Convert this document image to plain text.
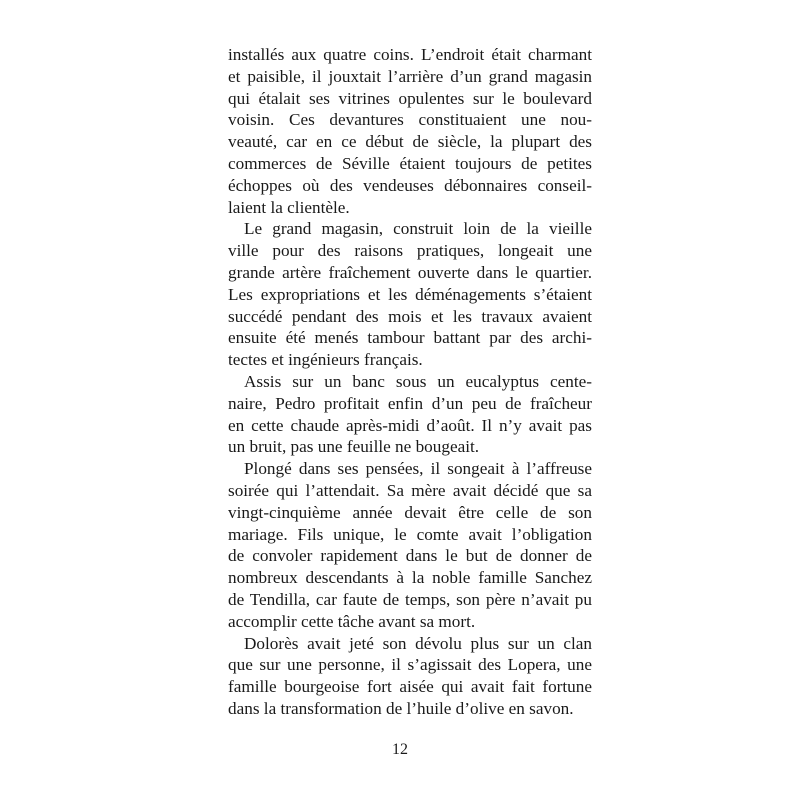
installés aux quatre coins. L’endroit était charmant
et paisible, il jouxtait l’arrière d’un grand magasin
qui étalait ses vitrines opulentes sur le boulevard
voisin. Ces devantures constituaient une nou-
veauté, car en ce début de siècle, la plupart des
commerces de Séville étaient toujours de petites
échoppes où des vendeuses débonnaires conseil-
laient la clientèle.
Le grand magasin, construit loin de la vieille
ville pour des raisons pratiques, longeait une
grande artère fraîchement ouverte dans le quartier.
Les expropriations et les déménagements s’étaient
succédé pendant des mois et les travaux avaient
ensuite été menés tambour battant par des archi-
tectes et ingénieurs français.
Assis sur un banc sous un eucalyptus cente-
naire, Pedro profitait enfin d’un peu de fraîcheur
en cette chaude après-midi d’août. Il n’y avait pas
un bruit, pas une feuille ne bougeait.
Plongé dans ses pensées, il songeait à l’affreuse
soirée qui l’attendait. Sa mère avait décidé que sa
vingt-cinquième année devait être celle de son
mariage. Fils unique, le comte avait l’obligation
de convoler rapidement dans le but de donner de
nombreux descendants à la noble famille Sanchez
de Tendilla, car faute de temps, son père n’avait pu
accomplir cette tâche avant sa mort.
Dolorès avait jeté son dévolu plus sur un clan
que sur une personne, il s’agissait des Lopera, une
famille bourgeoise fort aisée qui avait fait fortune
dans la transformation de l’huile d’olive en savon.
12
